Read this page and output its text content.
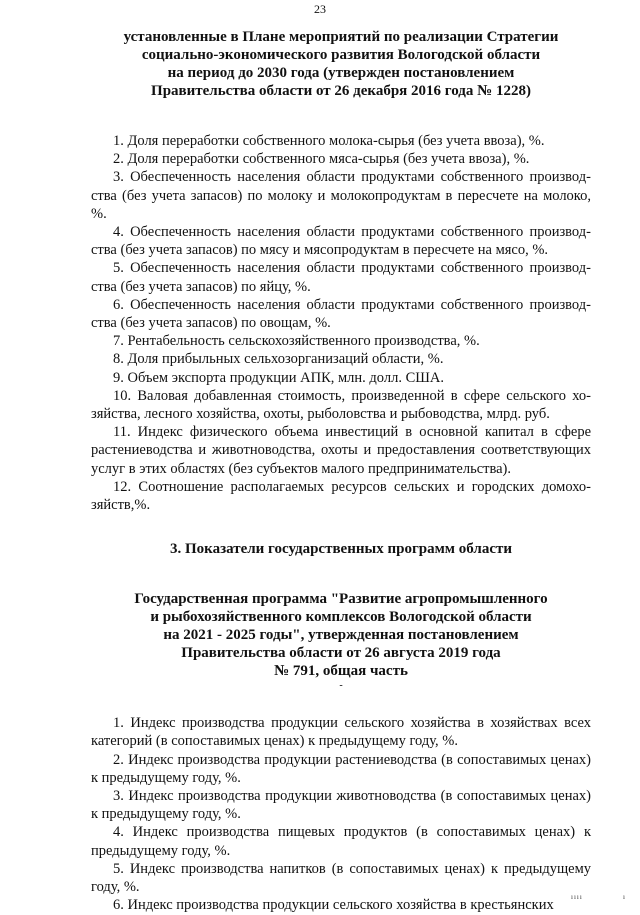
23
установленные в Плане мероприятий по реализации Стратегии
социально-экономического развития Вологодской области
на период до 2030 года (утвержден постановлением
Правительства области от 26 декабря 2016 года № 1228)

1. Доля переработки собственного молока-сырья (без учета ввоза), %.

2. Доля переработки собственного мяса-сырья (без учета ввоза), %.

3. Обеспеченность населения области продуктами собственного производства (без учета запасов) по молоку и молокопродуктам в пересчете на молоко, %.

4. Обеспеченность населения области продуктами собственного производства (без учета запасов) по мясу и мясопродуктам в пересчете на мясо, %.

5. Обеспеченность населения области продуктами собственного производства (без учета запасов) по яйцу, %.

6. Обеспеченность населения области продуктами собственного производства (без учета запасов) по овощам, %.

7. Рентабельность сельскохозяйственного производства, %.

8. Доля прибыльных сельхозорганизаций области, %.

9. Объем экспорта продукции АПК, млн. долл. США.

10. Валовая добавленная стоимость, произведенной в сфере сельского хозяйства, лесного хозяйства, охоты, рыболовства и рыбоводства, млрд. руб.

11. Индекс физического объема инвестиций в основной капитал в сфере растениеводства и животноводства, охоты и предоставления соответствующих услуг в этих областях (без субъектов малого предпринимательства).

12. Соотношение располагаемых ресурсов сельских и городских домохозяйств,%.

3. Показатели государственных программ области
Государственная программа "Развитие агропромышленного
и рыбохозяйственного комплексов Вологодской области
на 2021 - 2025 годы", утвержденная постановлением
Правительства области от 26 августа 2019 года
№ 791, общая часть
-

1. Индекс производства продукции сельского хозяйства в хозяйствах всех категорий (в сопоставимых ценах) к предыдущему году, %.

2. Индекс производства продукции растениеводства (в сопоставимых ценах) к предыдущему году, %.

3. Индекс производства продукции животноводства (в сопоставимых ценах) к предыдущему году, %.

4. Индекс производства пищевых продуктов (в сопоставимых ценах) к предыдущему году, %.

5. Индекс производства напитков (в сопоставимых ценах) к предыдущему году, %.

6. Индекс производства продукции сельского хозяйства в крестьянских

ıııı	ı
